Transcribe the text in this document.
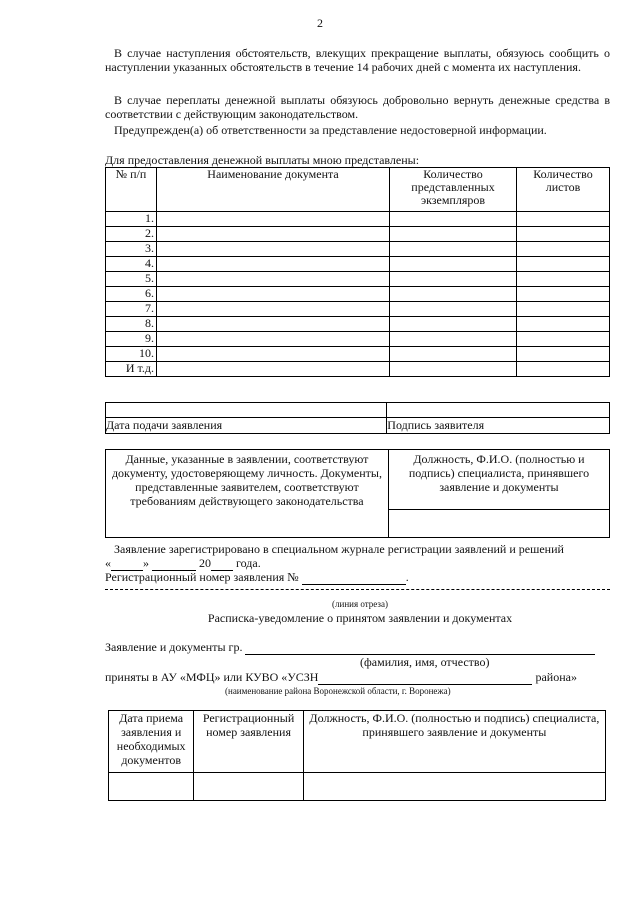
2
В случае наступления обстоятельств, влекущих прекращение выплаты, обязуюсь сообщить о наступлении указанных обстоятельств в течение 14 рабочих дней с момента их наступления.
В случае переплаты денежной выплаты обязуюсь добровольно вернуть денежные средства в соответствии с действующим законодательством.
Предупрежден(а) об ответственности за представление недостоверной информации.
Для предоставления денежной выплаты мною представлены:
№ п/п	Наименование документа	Количество представленных экземпляров	Количество листов
1.			
2.			
3.			
4.			
5.			
6.			
7.			
8.			
9.			
10.			
И т.д.			

Дата подачи заявления	Подпись заявителя
Данные, указанные в заявлении, соответствуют документу, удостоверяющему личность. Документы, представленные заявителем, соответствуют требованиям действующего законодательства	Должность, Ф.И.О. (полностью и подпись) специалиста, принявшего заявление и документы

Заявление зарегистрировано в специальном журнале регистрации заявлений и решений
«	»	20 года.
Регистрационный номер заявления №	.
(линия отреза)
Расписка-уведомление о принятом заявлении и документах
Заявление и документы гр.
(фамилия, имя, отчество)
приняты в АУ «МФЦ» или КУВО «УСЗН	района»
(наименование района Воронежской области, г. Воронежа)
Дата приема заявления и необходимых документов	Регистрационный номер заявления	Должность, Ф.И.О. (полностью и подпись) специалиста, принявшего заявление и документы
